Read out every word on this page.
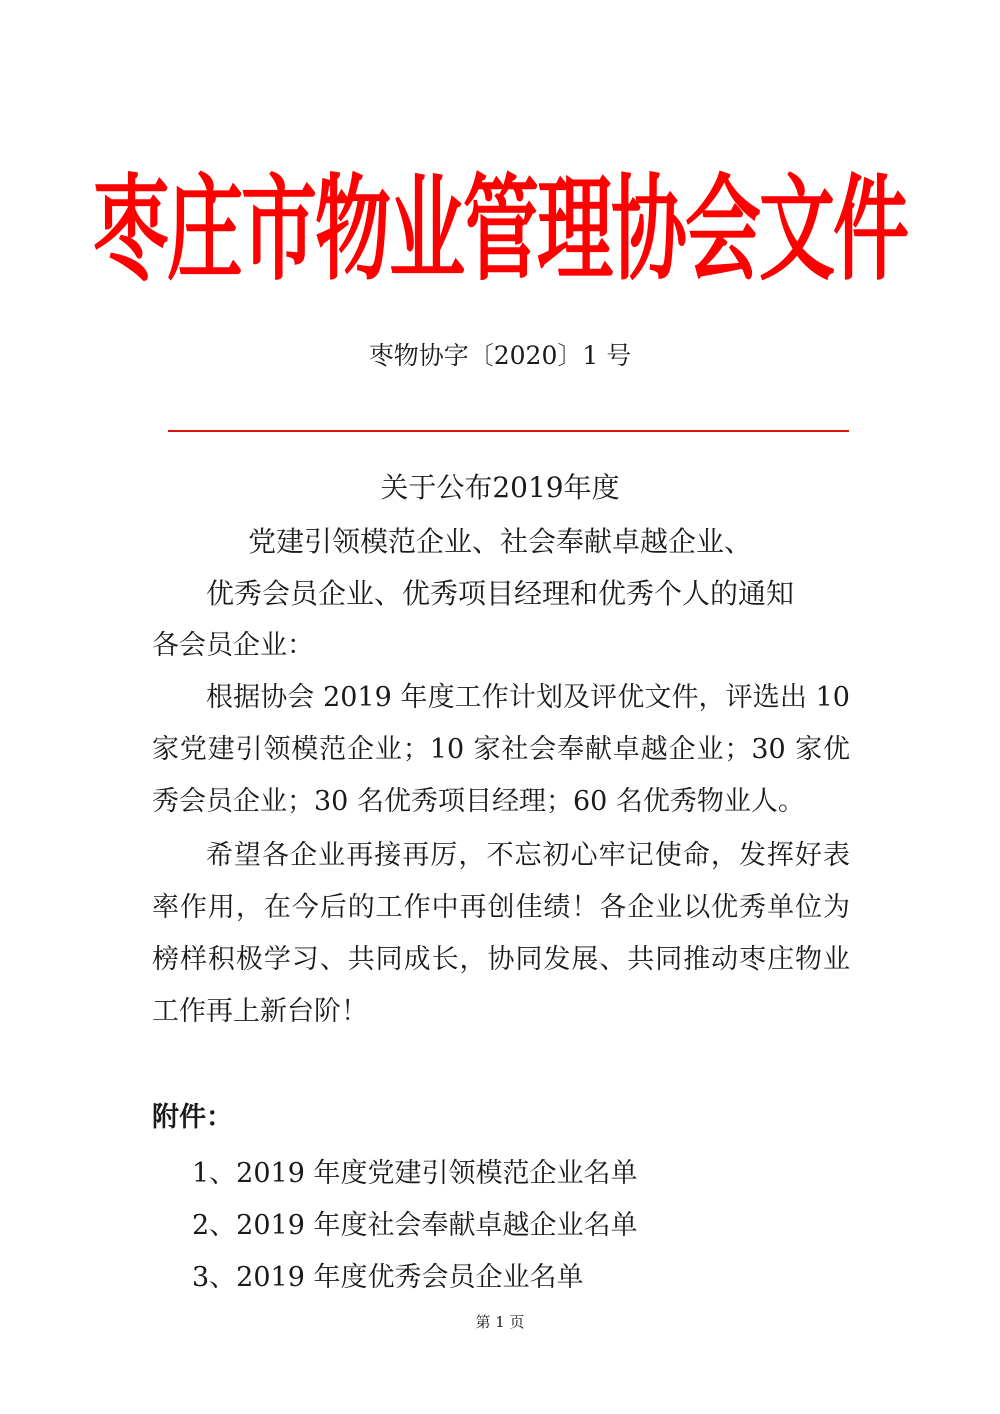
枣庄市物业管理协会文件
枣物协字〔2020〕1 号
关于公布2019年度
党建引领模范企业、社会奉献卓越企业、
优秀会员企业、优秀项目经理和优秀个人的通知
各会员企业：

根据协会 2019 年度工作计划及评优文件，评选出 10 家党建引领模范企业；10 家社会奉献卓越企业；30 家优秀会员企业；30 名优秀项目经理；60 名优秀物业人。

希望各企业再接再厉，不忘初心牢记使命，发挥好表率作用，在今后的工作中再创佳绩！各企业以优秀单位为榜样积极学习、共同成长，协同发展、共同推动枣庄物业工作再上新台阶！

附件：
1、2019 年度党建引领模范企业名单
2、2019 年度社会奉献卓越企业名单
3、2019 年度优秀会员企业名单
第 1 页
